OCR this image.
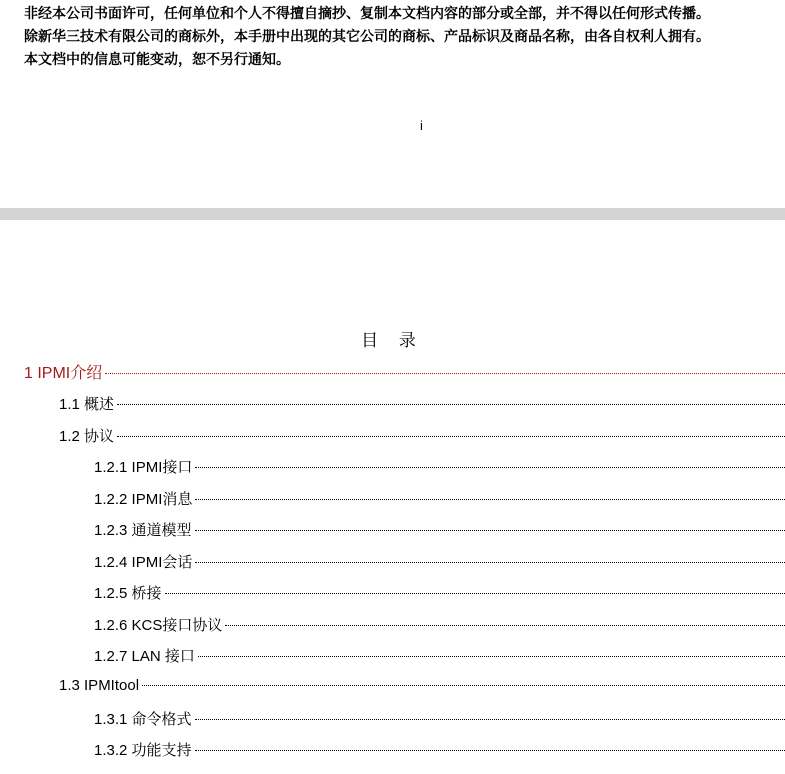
非经本公司书面许可，任何单位和个人不得擅自摘抄、复制本文档内容的部分或全部，并不得以任何形式传播。

除新华三技术有限公司的商标外，本手册中出现的其它公司的商标、产品标识及商品名称，由各自权利人拥有。

本文档中的信息可能变动，恕不另行通知。

i
目 录
1 IPMI介绍
1.1 概述
1.2 协议
1.2.1 IPMI接口
1.2.2 IPMI消息
1.2.3 通道模型
1.2.4 IPMI会话
1.2.5 桥接
1.2.6 KCS接口协议
1.2.7 LAN 接口
1.3 IPMItool
1.3.1 命令格式
1.3.2 功能支持
